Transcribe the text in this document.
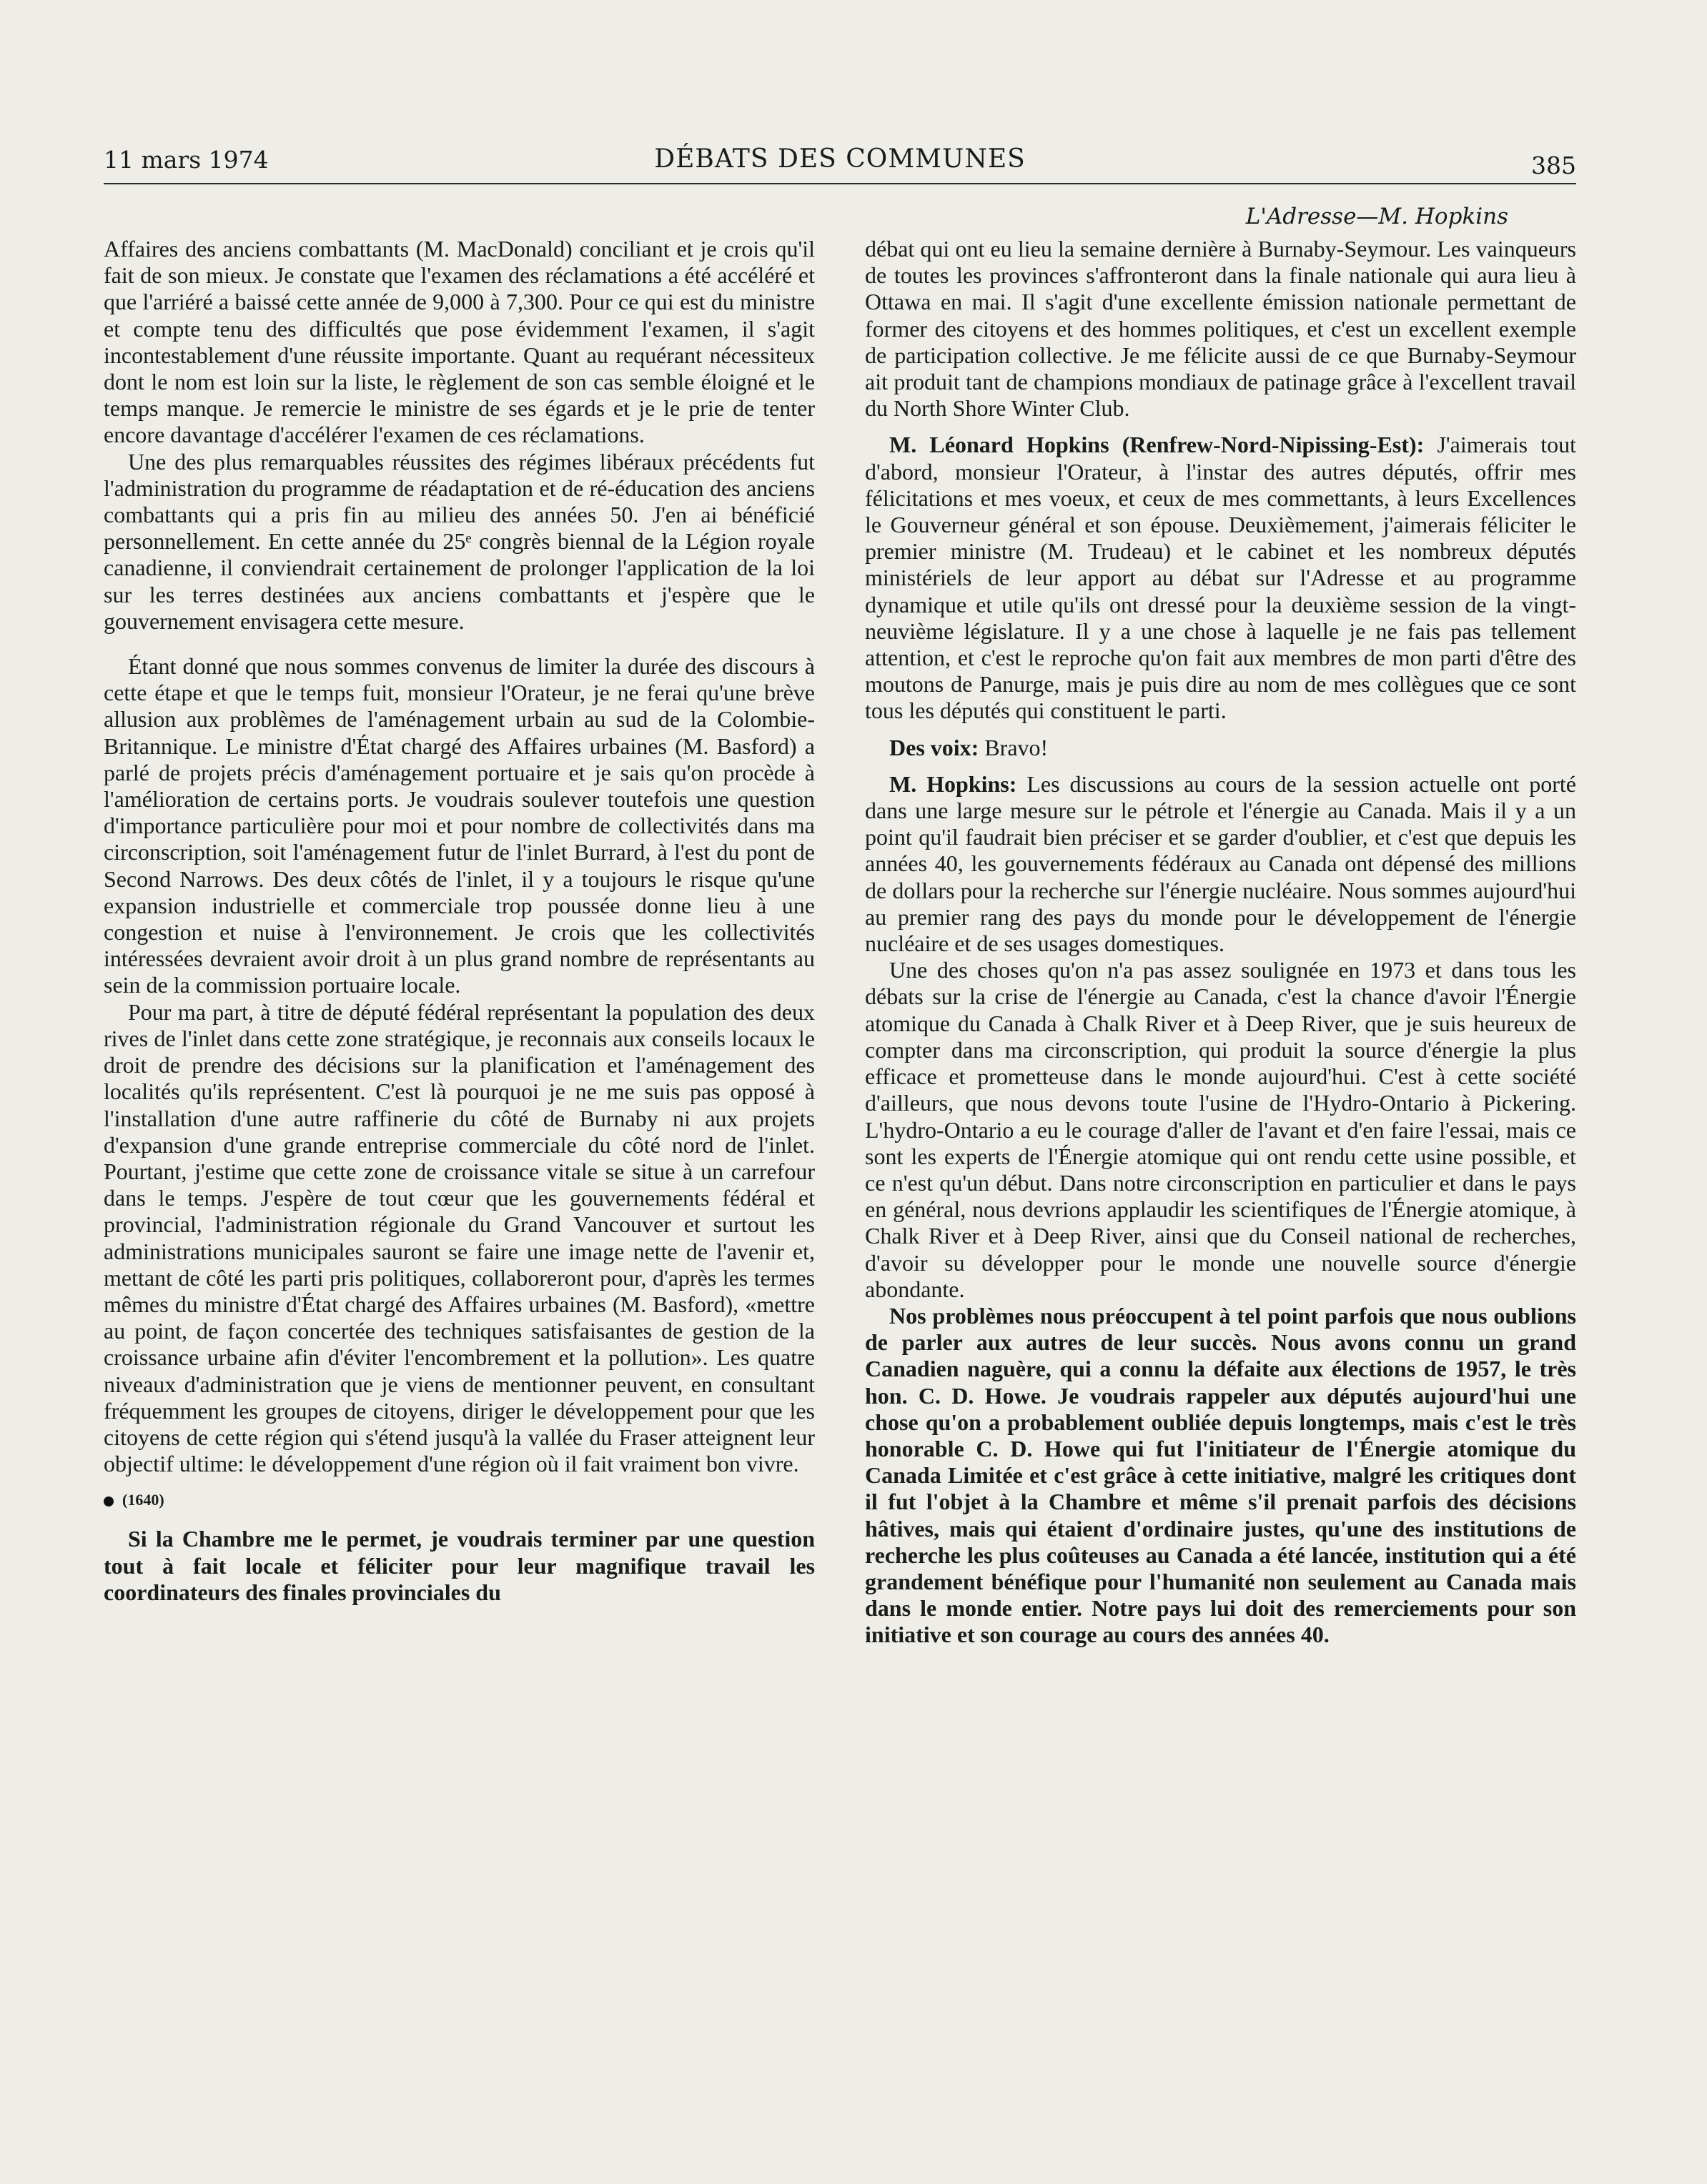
11 mars 1974	DÉBATS DES COMMUNES	385
L'Adresse—M. Hopkins

Affaires des anciens combattants (M. MacDonald) conciliant et je crois qu'il fait de son mieux. Je constate que l'examen des réclamations a été accéléré et que l'arriéré a baissé cette année de 9,000 à 7,300. Pour ce qui est du ministre et compte tenu des difficultés que pose évidemment l'examen, il s'agit incontestablement d'une réussite importante. Quant au requérant nécessiteux dont le nom est loin sur la liste, le règlement de son cas semble éloigné et le temps manque. Je remercie le ministre de ses égards et je le prie de tenter encore davantage d'accélérer l'examen de ces réclamations.

Une des plus remarquables réussites des régimes libéraux précédents fut l'administration du programme de réadaptation et de ré-éducation des anciens combattants qui a pris fin au milieu des années 50. J'en ai bénéficié personnellement. En cette année du 25ᵉ congrès biennal de la Légion royale canadienne, il conviendrait certainement de prolonger l'application de la loi sur les terres destinées aux anciens combattants et j'espère que le gouvernement envisagera cette mesure.

Étant donné que nous sommes convenus de limiter la durée des discours à cette étape et que le temps fuit, monsieur l'Orateur, je ne ferai qu'une brève allusion aux problèmes de l'aménagement urbain au sud de la Colombie-Britannique. Le ministre d'État chargé des Affaires urbaines (M. Basford) a parlé de projets précis d'aménagement portuaire et je sais qu'on procède à l'amélioration de certains ports. Je voudrais soulever toutefois une question d'importance particulière pour moi et pour nombre de collectivités dans ma circonscription, soit l'aménagement futur de l'inlet Burrard, à l'est du pont de Second Narrows. Des deux côtés de l'inlet, il y a toujours le risque qu'une expansion industrielle et commerciale trop poussée donne lieu à une congestion et nuise à l'environnement. Je crois que les collectivités intéressées devraient avoir droit à un plus grand nombre de représentants au sein de la commission portuaire locale.

Pour ma part, à titre de député fédéral représentant la population des deux rives de l'inlet dans cette zone stratégique, je reconnais aux conseils locaux le droit de prendre des décisions sur la planification et l'aménagement des localités qu'ils représentent. C'est là pourquoi je ne me suis pas opposé à l'installation d'une autre raffinerie du côté de Burnaby ni aux projets d'expansion d'une grande entreprise commerciale du côté nord de l'inlet. Pourtant, j'estime que cette zone de croissance vitale se situe à un carrefour dans le temps. J'espère de tout cœur que les gouvernements fédéral et provincial, l'administration régionale du Grand Vancouver et surtout les administrations municipales sauront se faire une image nette de l'avenir et, mettant de côté les parti pris politiques, collaboreront pour, d'après les termes mêmes du ministre d'État chargé des Affaires urbaines (M. Basford), «mettre au point, de façon concertée des techniques satisfaisantes de gestion de la croissance urbaine afin d'éviter l'encombrement et la pollution». Les quatre niveaux d'administration que je viens de mentionner peuvent, en consultant fréquemment les groupes de citoyens, diriger le développement pour que les citoyens de cette région qui s'étend jusqu'à la vallée du Fraser atteignent leur objectif ultime: le développement d'une région où il fait vraiment bon vivre.

(1640)

Si la Chambre me le permet, je voudrais terminer par une question tout à fait locale et féliciter pour leur magnifique travail les coordinateurs des finales provinciales du

débat qui ont eu lieu la semaine dernière à Burnaby-Seymour. Les vainqueurs de toutes les provinces s'affronteront dans la finale nationale qui aura lieu à Ottawa en mai. Il s'agit d'une excellente émission nationale permettant de former des citoyens et des hommes politiques, et c'est un excellent exemple de participation collective. Je me félicite aussi de ce que Burnaby-Seymour ait produit tant de champions mondiaux de patinage grâce à l'excellent travail du North Shore Winter Club.

M. Léonard Hopkins (Renfrew-Nord-Nipissing-Est): J'aimerais tout d'abord, monsieur l'Orateur, à l'instar des autres députés, offrir mes félicitations et mes voeux, et ceux de mes commettants, à leurs Excellences le Gouverneur général et son épouse. Deuxièmement, j'aimerais féliciter le premier ministre (M. Trudeau) et le cabinet et les nombreux députés ministériels de leur apport au débat sur l'Adresse et au programme dynamique et utile qu'ils ont dressé pour la deuxième session de la vingt-neuvième législature. Il y a une chose à laquelle je ne fais pas tellement attention, et c'est le reproche qu'on fait aux membres de mon parti d'être des moutons de Panurge, mais je puis dire au nom de mes collègues que ce sont tous les députés qui constituent le parti.

Des voix: Bravo!

M. Hopkins: Les discussions au cours de la session actuelle ont porté dans une large mesure sur le pétrole et l'énergie au Canada. Mais il y a un point qu'il faudrait bien préciser et se garder d'oublier, et c'est que depuis les années 40, les gouvernements fédéraux au Canada ont dépensé des millions de dollars pour la recherche sur l'énergie nucléaire. Nous sommes aujourd'hui au premier rang des pays du monde pour le développement de l'énergie nucléaire et de ses usages domestiques.

Une des choses qu'on n'a pas assez soulignée en 1973 et dans tous les débats sur la crise de l'énergie au Canada, c'est la chance d'avoir l'Énergie atomique du Canada à Chalk River et à Deep River, que je suis heureux de compter dans ma circonscription, qui produit la source d'énergie la plus efficace et prometteuse dans le monde aujourd'hui. C'est à cette société d'ailleurs, que nous devons toute l'usine de l'Hydro-Ontario à Pickering. L'hydro-Ontario a eu le courage d'aller de l'avant et d'en faire l'essai, mais ce sont les experts de l'Énergie atomique qui ont rendu cette usine possible, et ce n'est qu'un début. Dans notre circonscription en particulier et dans le pays en général, nous devrions applaudir les scientifiques de l'Énergie atomique, à Chalk River et à Deep River, ainsi que du Conseil national de recherches, d'avoir su développer pour le monde une nouvelle source d'énergie abondante.

Nos problèmes nous préoccupent à tel point parfois que nous oublions de parler aux autres de leur succès. Nous avons connu un grand Canadien naguère, qui a connu la défaite aux élections de 1957, le très hon. C. D. Howe. Je voudrais rappeler aux députés aujourd'hui une chose qu'on a probablement oubliée depuis longtemps, mais c'est le très honorable C. D. Howe qui fut l'initiateur de l'Énergie atomique du Canada Limitée et c'est grâce à cette initiative, malgré les critiques dont il fut l'objet à la Chambre et même s'il prenait parfois des décisions hâtives, mais qui étaient d'ordinaire justes, qu'une des institutions de recherche les plus coûteuses au Canada a été lancée, institution qui a été grandement bénéfique pour l'humanité non seulement au Canada mais dans le monde entier. Notre pays lui doit des remerciements pour son initiative et son courage au cours des années 40.
